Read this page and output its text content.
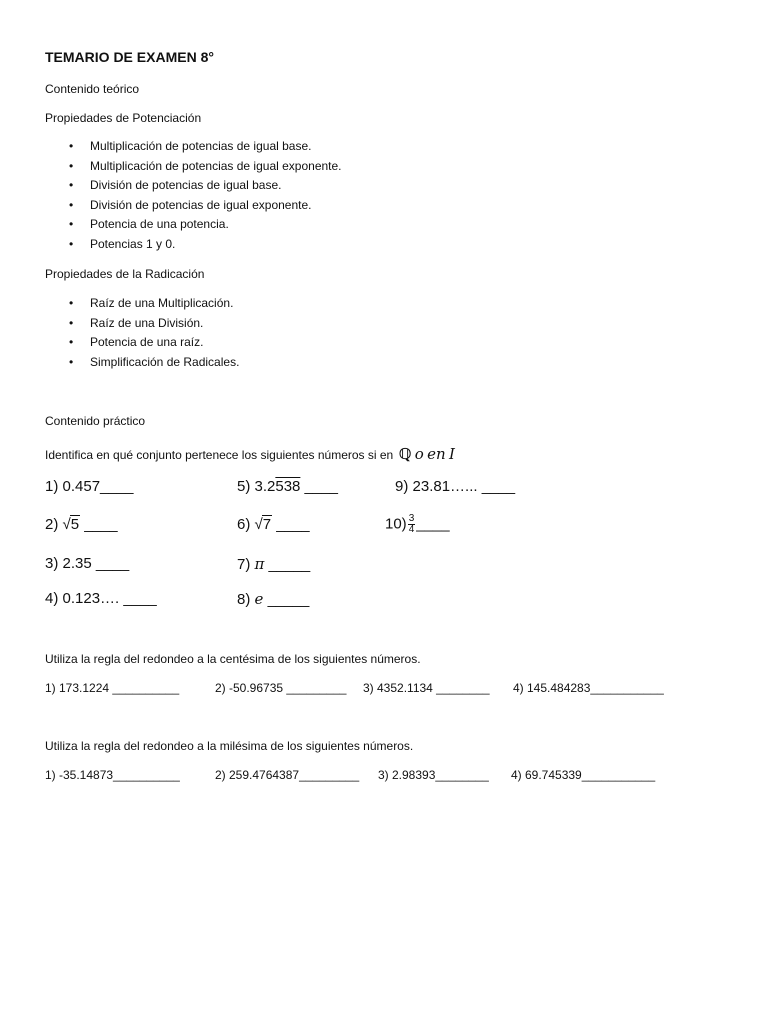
TEMARIO DE EXAMEN 8°
Contenido teórico
Propiedades de Potenciación
• Multiplicación de potencias de igual base.
• Multiplicación de potencias de igual exponente.
• División de potencias de igual base.
• División de potencias de igual exponente.
• Potencia de una potencia.
• Potencias 1 y 0.
Propiedades de la Radicación
• Raíz de una Multiplicación.
• Raíz de una División.
• Potencia de una raíz.
• Simplificación de Radicales.
Contenido práctico
Identifica en qué conjunto pertenece los siguientes números si en ℚ o en I
1) 0.457____
2) √5 ____
3) 2.35 ____
4) 0.123…. ____
5) 3.2538 ____
6) √7 ____
7) π _____
8) e _____
9) 23.81…... ____
$10) \frac{3}{4}$ ____
Utiliza la regla del redondeo a la centésima de los siguientes números.
1) 173.1224 __________	2) -50.96735 _________ 3) 4352.1134 ________ 4) 145.484283___________
Utiliza la regla del redondeo a la milésima de los siguientes números.
1) -35.14873__________	2) 259.4764387_________ 3) 2.98393________ 4) 69.745339___________
